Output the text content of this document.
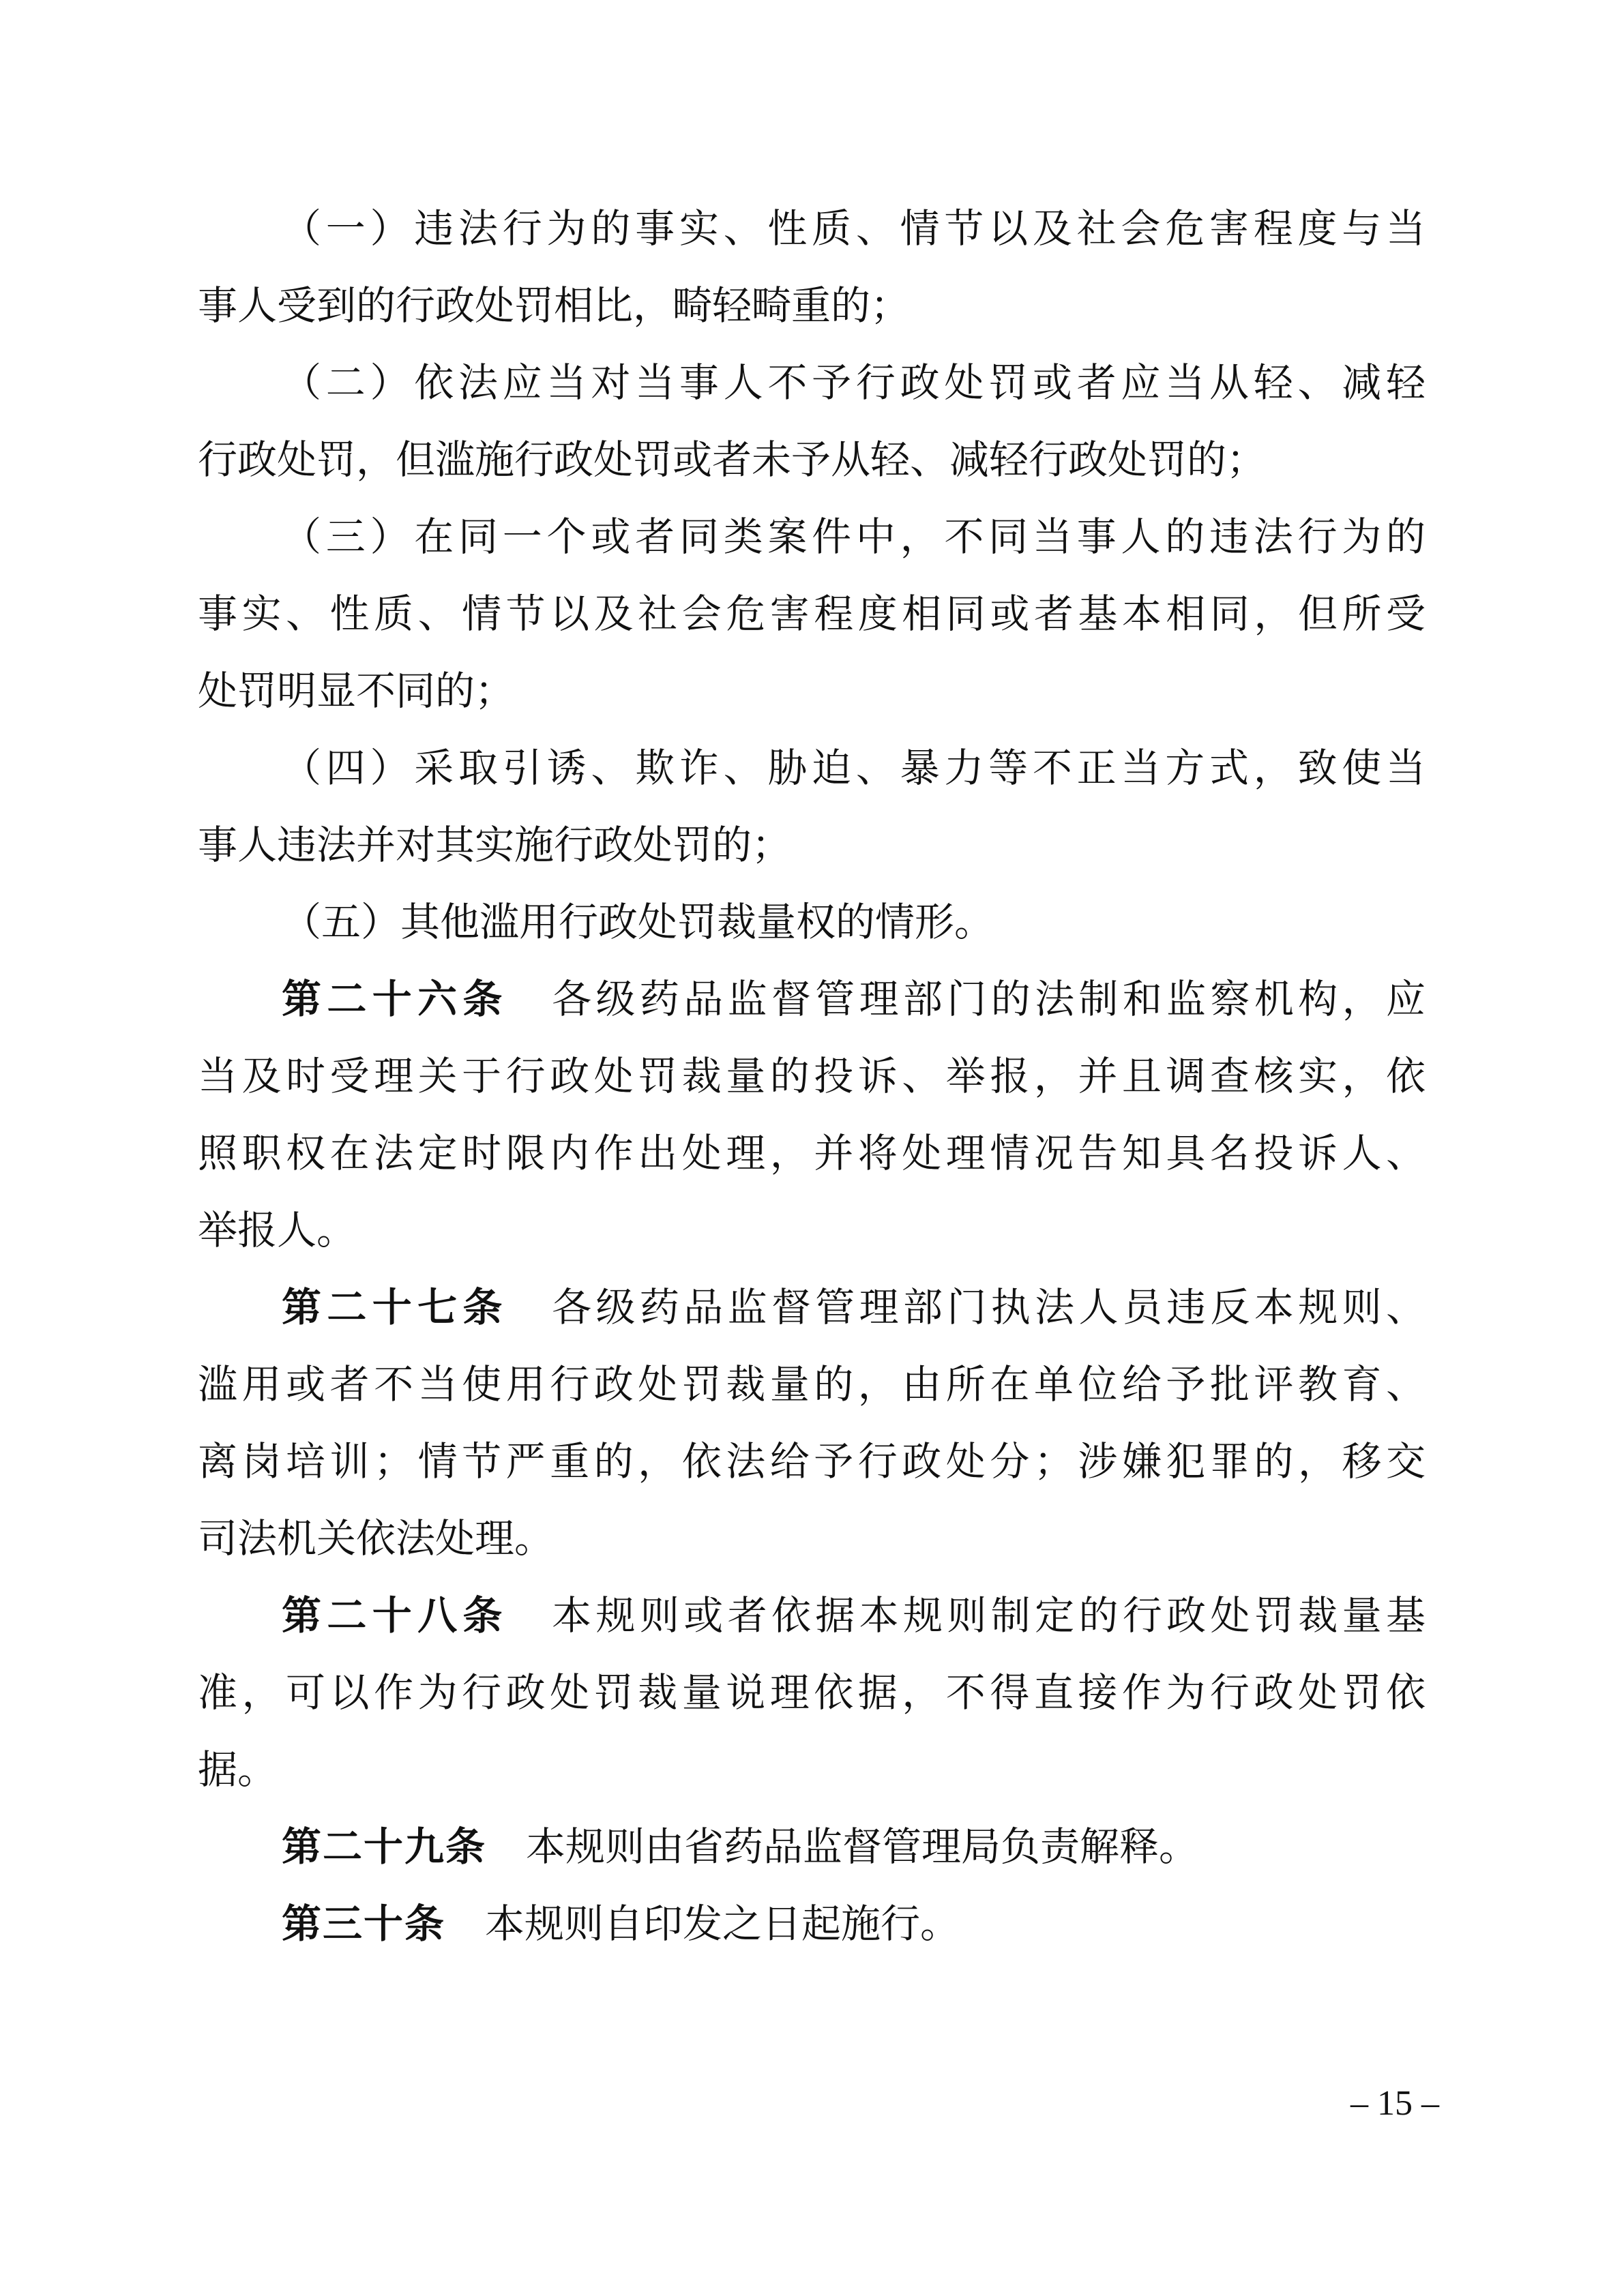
（一）违法行为的事实、性质、情节以及社会危害程度与当
事人受到的行政处罚相比，畸轻畸重的；
（二）依法应当对当事人不予行政处罚或者应当从轻、减轻
行政处罚，但滥施行政处罚或者未予从轻、减轻行政处罚的；
（三）在同一个或者同类案件中，不同当事人的违法行为的
事实、性质、情节以及社会危害程度相同或者基本相同，但所受
处罚明显不同的；
（四）采取引诱、欺诈、胁迫、暴力等不正当方式，致使当
事人违法并对其实施行政处罚的；
（五）其他滥用行政处罚裁量权的情形。
第二十六条 各级药品监督管理部门的法制和监察机构，应
当及时受理关于行政处罚裁量的投诉、举报，并且调查核实，依
照职权在法定时限内作出处理，并将处理情况告知具名投诉人、
举报人。
第二十七条 各级药品监督管理部门执法人员违反本规则、
滥用或者不当使用行政处罚裁量的，由所在单位给予批评教育、
离岗培训；情节严重的，依法给予行政处分；涉嫌犯罪的，移交
司法机关依法处理。
第二十八条 本规则或者依据本规则制定的行政处罚裁量基
准，可以作为行政处罚裁量说理依据，不得直接作为行政处罚依
据。
第二十九条 本规则由省药品监督管理局负责解释。
第三十条 本规则自印发之日起施行。
– 15 –
